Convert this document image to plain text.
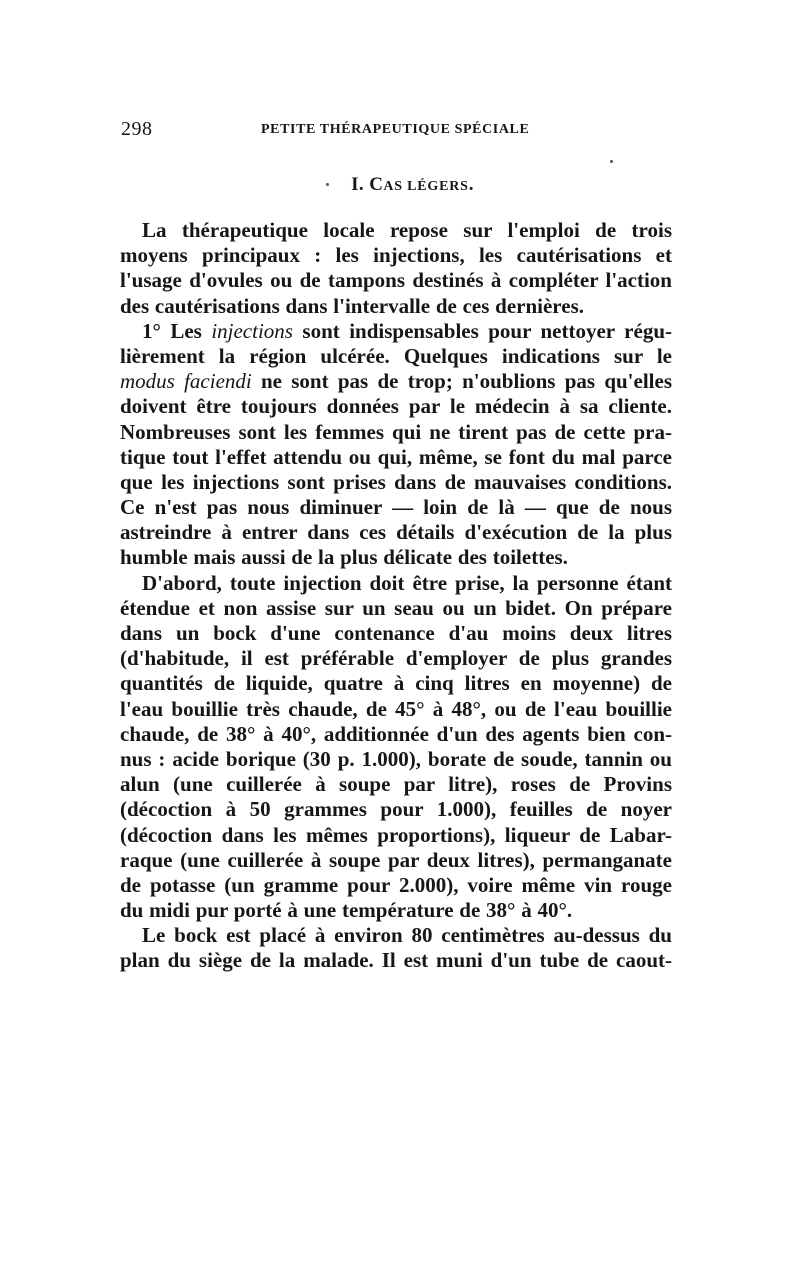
298	PETITE THÉRAPEUTIQUE SPÉCIALE
I. CAS LÉGERS.
La thérapeutique locale repose sur l'emploi de trois
moyens principaux : les injections, les cautérisations et
l'usage d'ovules ou de tampons destinés à compléter l'action
des cautérisations dans l'intervalle de ces dernières.
1° Les injections sont indispensables pour nettoyer régu-
lièrement la région ulcérée. Quelques indications sur le
modus faciendi ne sont pas de trop; n'oublions pas qu'elles
doivent être toujours données par le médecin à sa cliente.
Nombreuses sont les femmes qui ne tirent pas de cette pra-
tique tout l'effet attendu ou qui, même, se font du mal parce
que les injections sont prises dans de mauvaises conditions.
Ce n'est pas nous diminuer — loin de là — que de nous
astreindre à entrer dans ces détails d'exécution de la plus
humble mais aussi de la plus délicate des toilettes.
D'abord, toute injection doit être prise, la personne étant
étendue et non assise sur un seau ou un bidet. On prépare
dans un bock d'une contenance d'au moins deux litres
(d'habitude, il est préférable d'employer de plus grandes
quantités de liquide, quatre à cinq litres en moyenne) de
l'eau bouillie très chaude, de 45° à 48°, ou de l'eau bouillie
chaude, de 38° à 40°, additionnée d'un des agents bien con-
nus : acide borique (30 p. 1.000), borate de soude, tannin ou
alun (une cuillerée à soupe par litre), roses de Provins
(décoction à 50 grammes pour 1.000), feuilles de noyer
(décoction dans les mêmes proportions), liqueur de Labar-
raque (une cuillerée à soupe par deux litres), permanganate
de potasse (un gramme pour 2.000), voire même vin rouge
du midi pur porté à une température de 38° à 40°.
Le bock est placé à environ 80 centimètres au-dessus du
plan du siège de la malade. Il est muni d'un tube de caout-
